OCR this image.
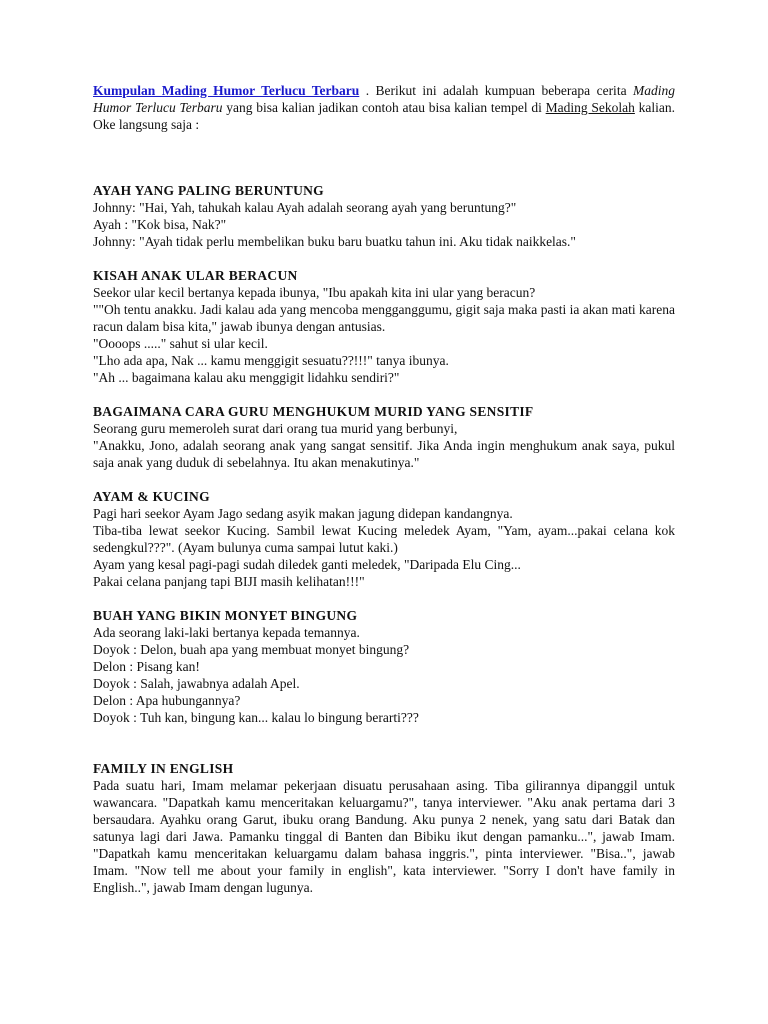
Kumpulan Mading Humor Terlucu Terbaru . Berikut ini adalah kumpuan beberapa cerita Mading Humor Terlucu Terbaru yang bisa kalian jadikan contoh atau bisa kalian tempel di Mading Sekolah kalian. Oke langsung saja :

AYAH YANG PALING BERUNTUNG

Johnny: "Hai, Yah, tahukah kalau Ayah adalah seorang ayah yang beruntung?"

Ayah : "Kok bisa, Nak?"

Johnny: "Ayah tidak perlu membelikan buku baru buatku tahun ini. Aku tidak naikkelas."

KISAH ANAK ULAR BERACUN

Seekor ular kecil bertanya kepada ibunya, "Ibu apakah kita ini ular yang beracun?

""Oh tentu anakku. Jadi kalau ada yang mencoba mengganggumu, gigit saja maka pasti ia akan mati karena racun dalam bisa kita," jawab ibunya dengan antusias.

"Oooops ....." sahut si ular kecil.

"Lho ada apa, Nak ... kamu menggigit sesuatu??!!!" tanya ibunya.

"Ah ... bagaimana kalau aku menggigit lidahku sendiri?"

BAGAIMANA CARA GURU MENGHUKUM MURID YANG SENSITIF

Seorang guru memeroleh surat dari orang tua murid yang berbunyi,

"Anakku, Jono, adalah seorang anak yang sangat sensitif. Jika Anda ingin menghukum anak saya, pukul saja anak yang duduk di sebelahnya. Itu akan menakutinya."

AYAM & KUCING

Pagi hari seekor Ayam Jago sedang asyik makan jagung didepan kandangnya.

Tiba-tiba lewat seekor Kucing. Sambil lewat Kucing meledek Ayam, "Yam, ayam...pakai celana kok sedengkul???". (Ayam bulunya cuma sampai lutut kaki.)

Ayam yang kesal pagi-pagi sudah diledek ganti meledek, "Daripada Elu Cing...

Pakai celana panjang tapi BIJI masih kelihatan!!!"

BUAH YANG BIKIN MONYET BINGUNG

Ada seorang laki-laki bertanya kepada temannya.

Doyok : Delon, buah apa yang membuat monyet bingung?

Delon : Pisang kan!

Doyok : Salah, jawabnya adalah Apel.

Delon : Apa hubungannya?

Doyok : Tuh kan, bingung kan... kalau lo bingung berarti???

FAMILY IN ENGLISH

Pada suatu hari, Imam melamar pekerjaan disuatu perusahaan asing. Tiba gilirannya dipanggil untuk wawancara. "Dapatkah kamu menceritakan keluargamu?", tanya interviewer. "Aku anak pertama dari 3 bersaudara. Ayahku orang Garut, ibuku orang Bandung. Aku punya 2 nenek, yang satu dari Batak dan satunya lagi dari Jawa. Pamanku tinggal di Banten dan Bibiku ikut dengan pamanku...", jawab Imam. "Dapatkah kamu menceritakan keluargamu dalam bahasa inggris.", pinta interviewer. "Bisa..", jawab Imam. "Now tell me about your family in english", kata interviewer. "Sorry I don't have family in English..", jawab Imam dengan lugunya.
